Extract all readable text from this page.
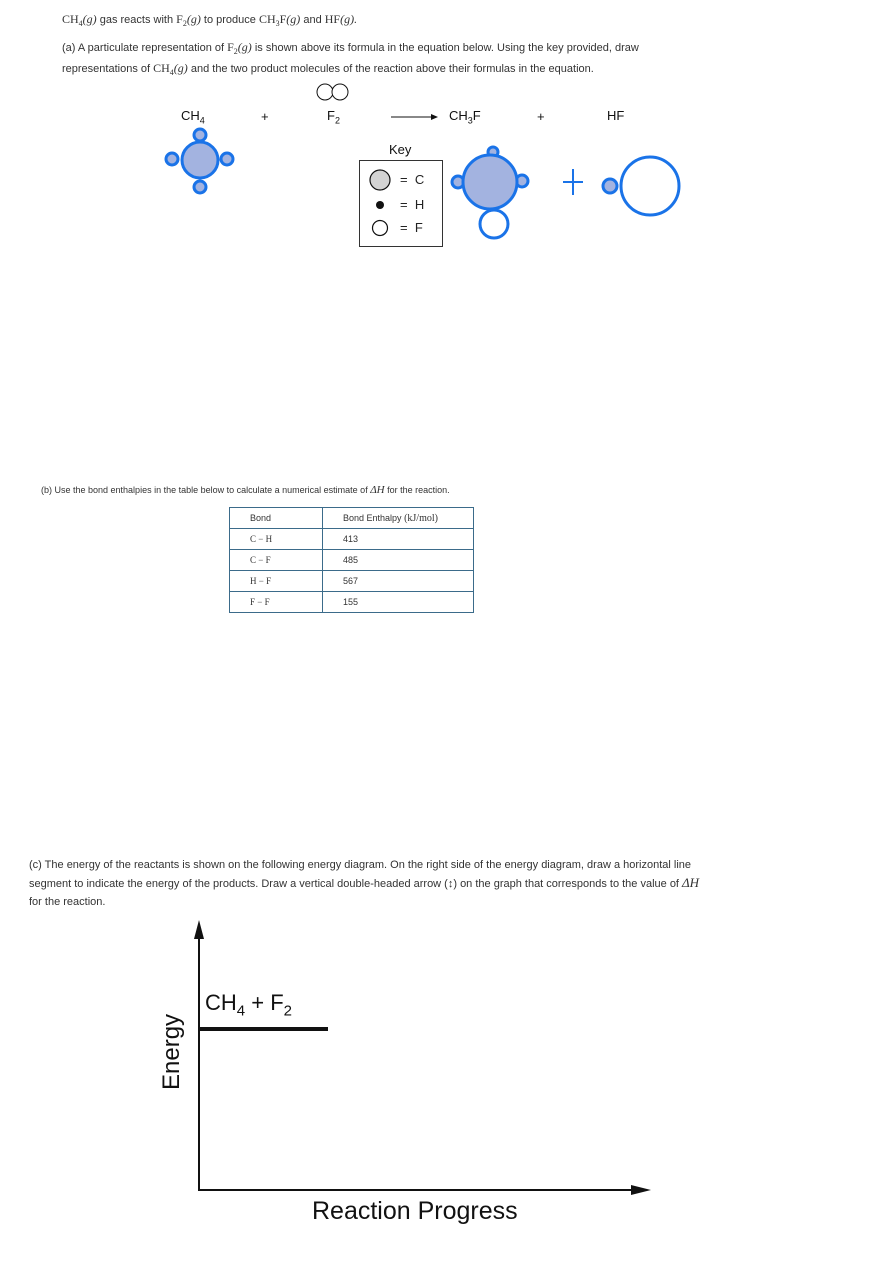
$CH_4(g)$ gas reacts with $F_2(g)$ to produce $CH_3F(g)$ and HF(g).
(a) A particulate representation of $F_2(g)$ is shown above its formula in the equation below. Using the key provided, draw
representations of $CH_4(g)$ and the two product molecules of the reaction above their formulas in the equation.
$CH_4$	+	$F_2$	$CH_3F$	+	HF
Key
= C
= H
= F
(b) Use the bond enthalpies in the table below to calculate a numerical estimate of ΔH for the reaction.
Bond	Bond Enthalpy (kJ/mol)
C − H	413
C − F	485
H − F	567
F − F	155
(c) The energy of the reactants is shown on the following energy diagram. On the right side of the energy diagram, draw a horizontal line
segment to indicate the energy of the products. Draw a vertical double-headed arrow (↕) on the graph that corresponds to the value of ΔH
for the reaction.
$CH_4 + F_2$
Energy
Reaction Progress
